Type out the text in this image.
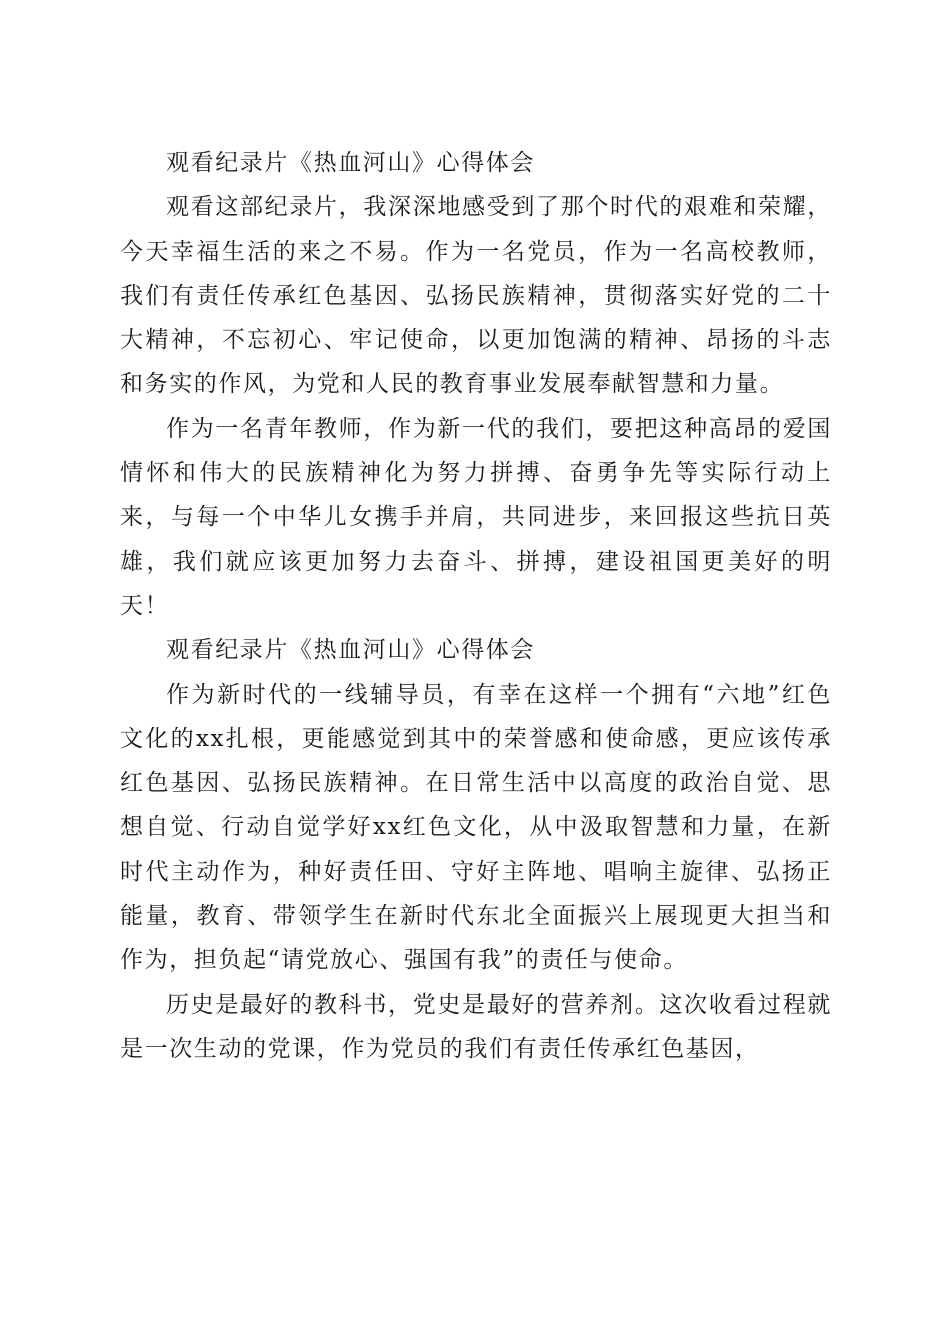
观看纪录片《热血河山》心得体会

观看这部纪录片，我深深地感受到了那个时代的艰难和荣耀，今天幸福生活的来之不易。作为一名党员，作为一名高校教师，我们有责任传承红色基因、弘扬民族精神，贯彻落实好党的二十大精神，不忘初心、牢记使命，以更加饱满的精神、昂扬的斗志和务实的作风，为党和人民的教育事业发展奉献智慧和力量。

作为一名青年教师，作为新一代的我们，要把这种高昂的爱国情怀和伟大的民族精神化为努力拼搏、奋勇争先等实际行动上来，与每一个中华儿女携手并肩，共同进步，来回报这些抗日英雄，我们就应该更加努力去奋斗、拼搏，建设祖国更美好的明天！

观看纪录片《热血河山》心得体会

作为新时代的一线辅导员，有幸在这样一个拥有“六地”红色文化的xx扎根，更能感觉到其中的荣誉感和使命感，更应该传承红色基因、弘扬民族精神。在日常生活中以高度的政治自觉、思想自觉、行动自觉学好xx红色文化，从中汲取智慧和力量，在新时代主动作为，种好责任田、守好主阵地、唱响主旋律、弘扬正能量，教育、带领学生在新时代东北全面振兴上展现更大担当和作为，担负起“请党放心、强国有我”的责任与使命。

历史是最好的教科书，党史是最好的营养剂。这次收看过程就是一次生动的党课，作为党员的我们有责任传承红色基因，
